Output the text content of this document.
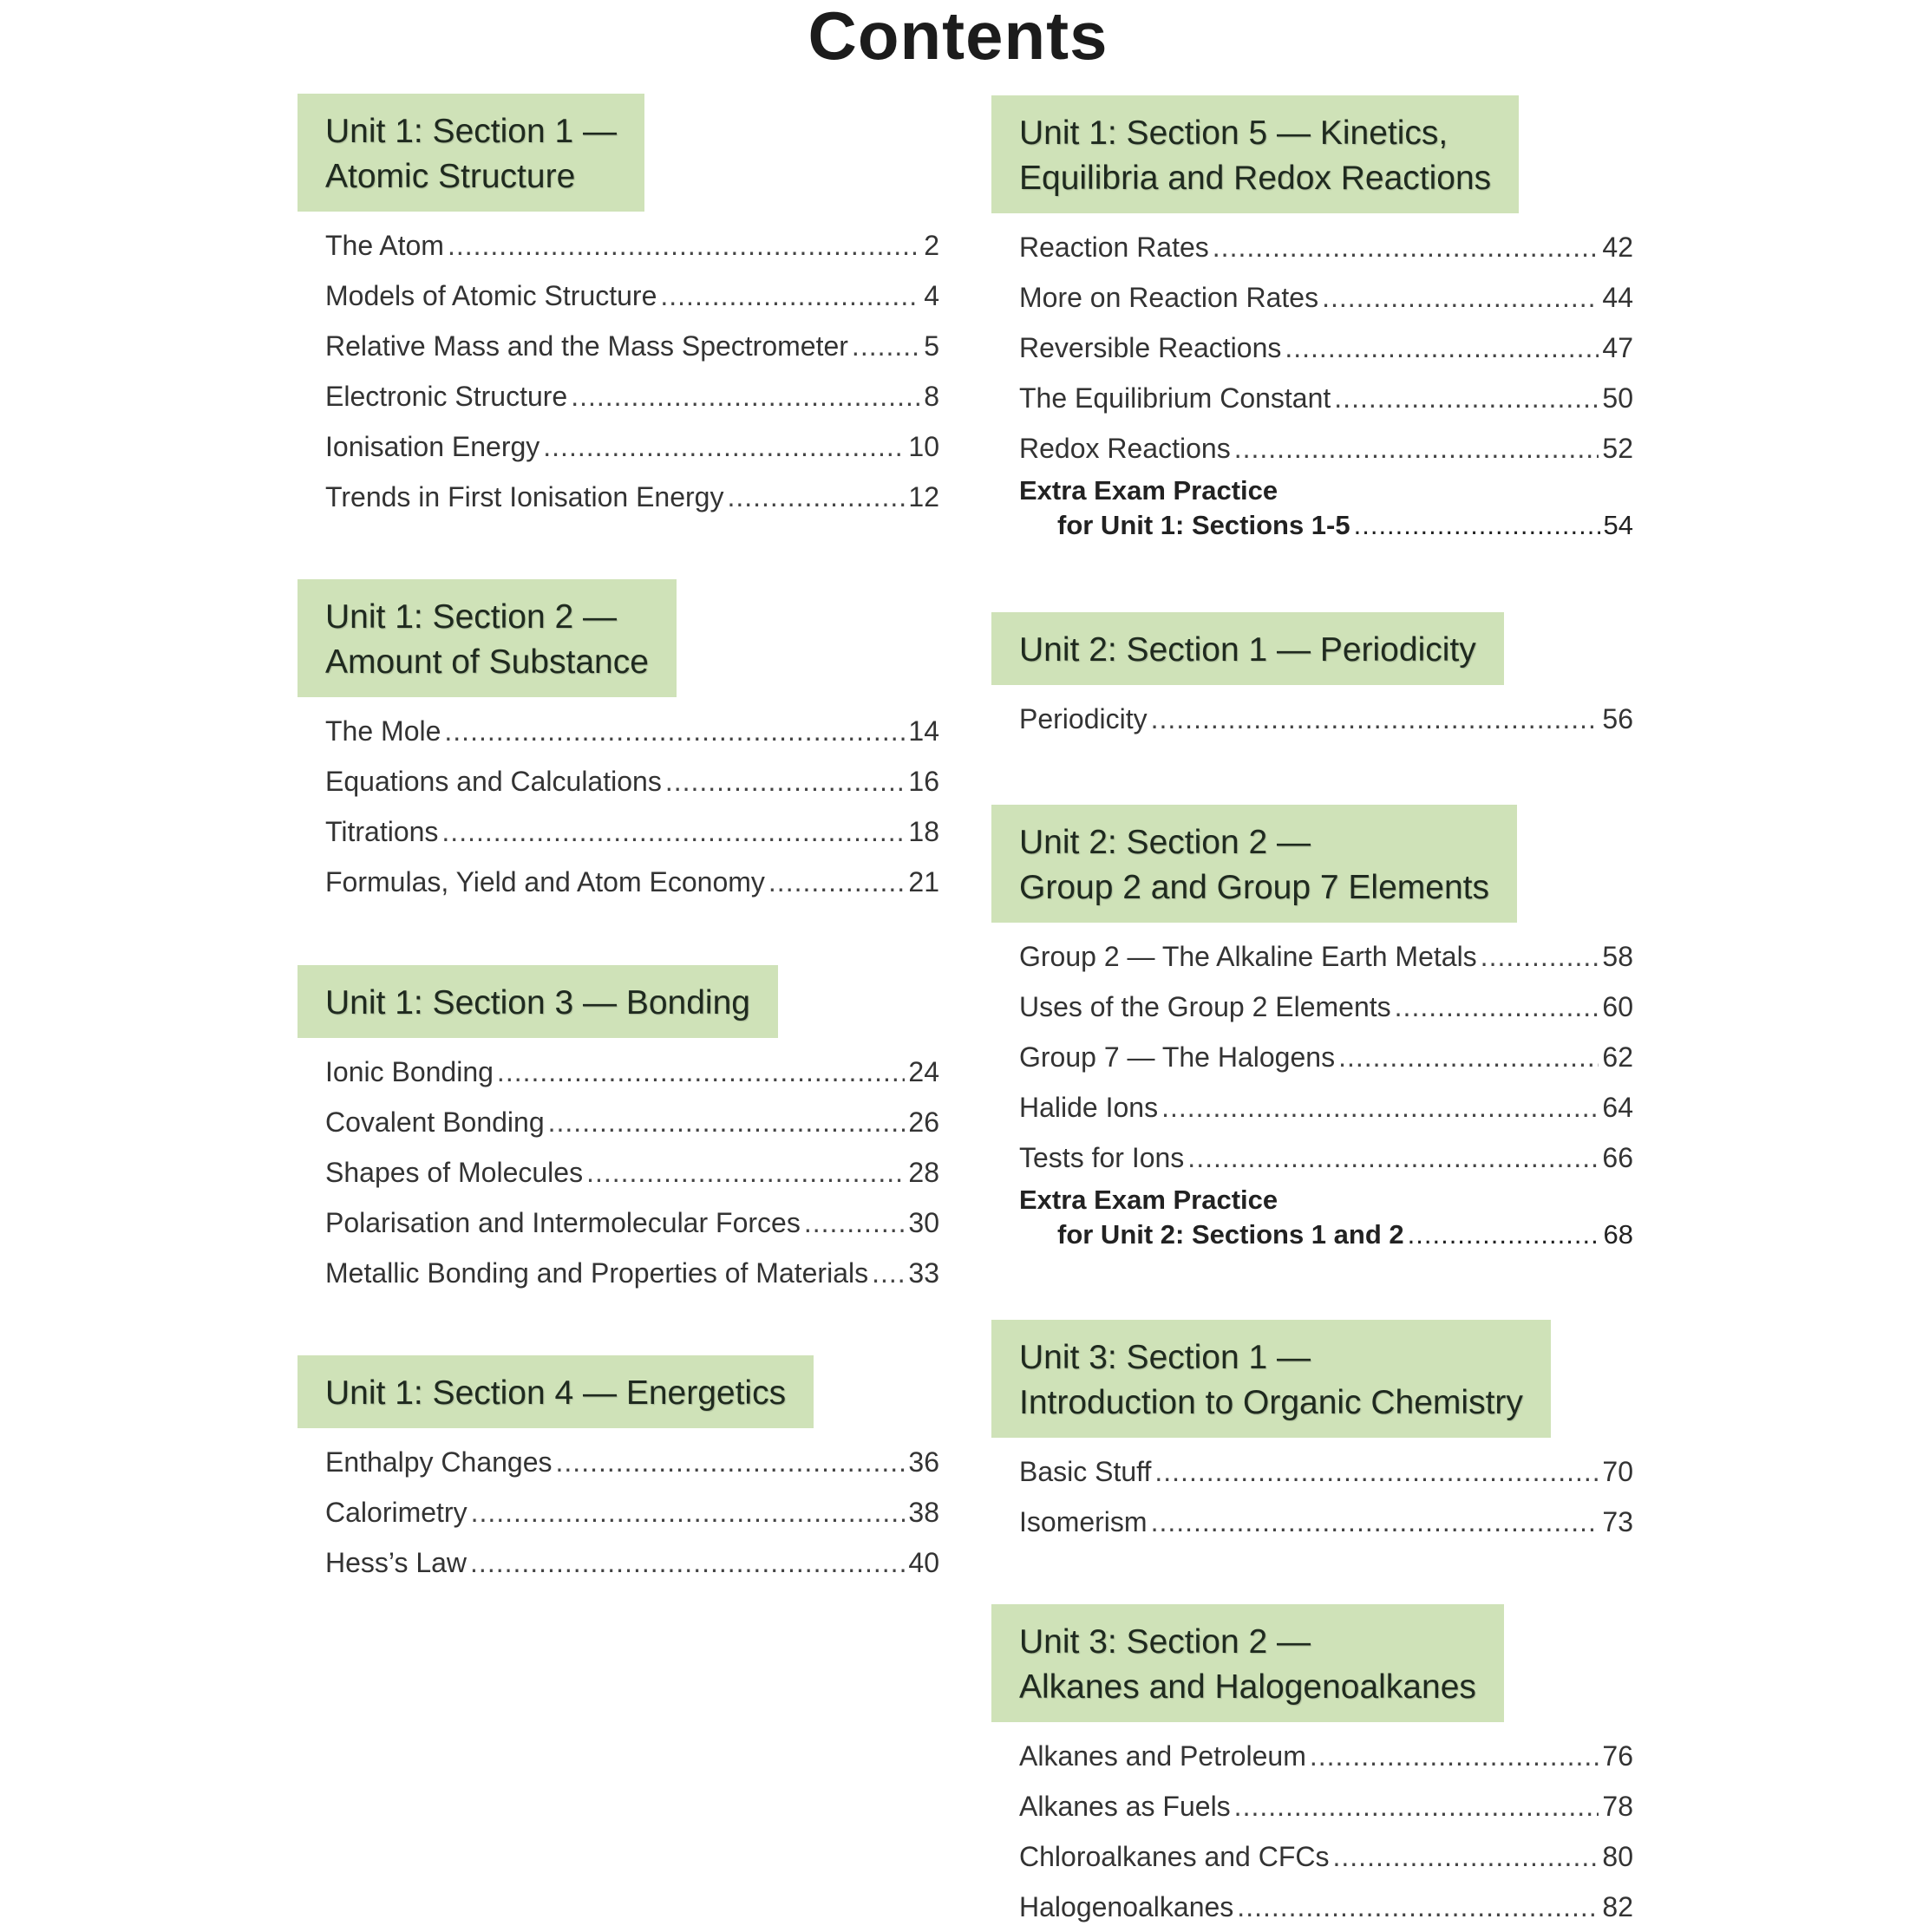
Contents
Unit 1: Section 1 —
Atomic Structure
The Atom .....	2
Models of Atomic Structure .....	4
Relative Mass and the Mass Spectrometer .....	5
Electronic Structure .....	8
Ionisation Energy .....	10
Trends in First Ionisation Energy .....	12
Unit 1: Section 2 —
Amount of Substance
The Mole .....	14
Equations and Calculations .....	16
Titrations .....	18
Formulas, Yield and Atom Economy .....	21
Unit 1: Section 3 — Bonding
Ionic Bonding .....	24
Covalent Bonding .....	26
Shapes of Molecules .....	28
Polarisation and Intermolecular Forces .....	30
Metallic Bonding and Properties of Materials ..... 33
Unit 1: Section 4 — Energetics
Enthalpy Changes .....	36
Calorimetry .....	38
Hess’s Law .....	40
Unit 1: Section 5 — Kinetics,
Equilibria and Redox Reactions
Reaction Rates .....	42
More on Reaction Rates .....	44
Reversible Reactions .....	47
The Equilibrium Constant .....	50
Redox Reactions .....	52
Extra Exam Practice
for Unit 1: Sections 1-5 .....	54
Unit 2: Section 1 — Periodicity
Periodicity .....	56
Unit 2: Section 2 —
Group 2 and Group 7 Elements
Group 2 — The Alkaline Earth Metals .....	58
Uses of the Group 2 Elements .....	60
Group 7 — The Halogens .....	62
Halide Ions .....	64
Tests for Ions .....	66
Extra Exam Practice
for Unit 2: Sections 1 and 2 .....	68
Unit 3: Section 1 —
Introduction to Organic Chemistry
Basic Stuff .....	70
Isomerism .....	73
Unit 3: Section 2 —
Alkanes and Halogenoalkanes
Alkanes and Petroleum .....	76
Alkanes as Fuels .....	78
Chloroalkanes and CFCs .....	80
Halogenoalkanes .....	82
